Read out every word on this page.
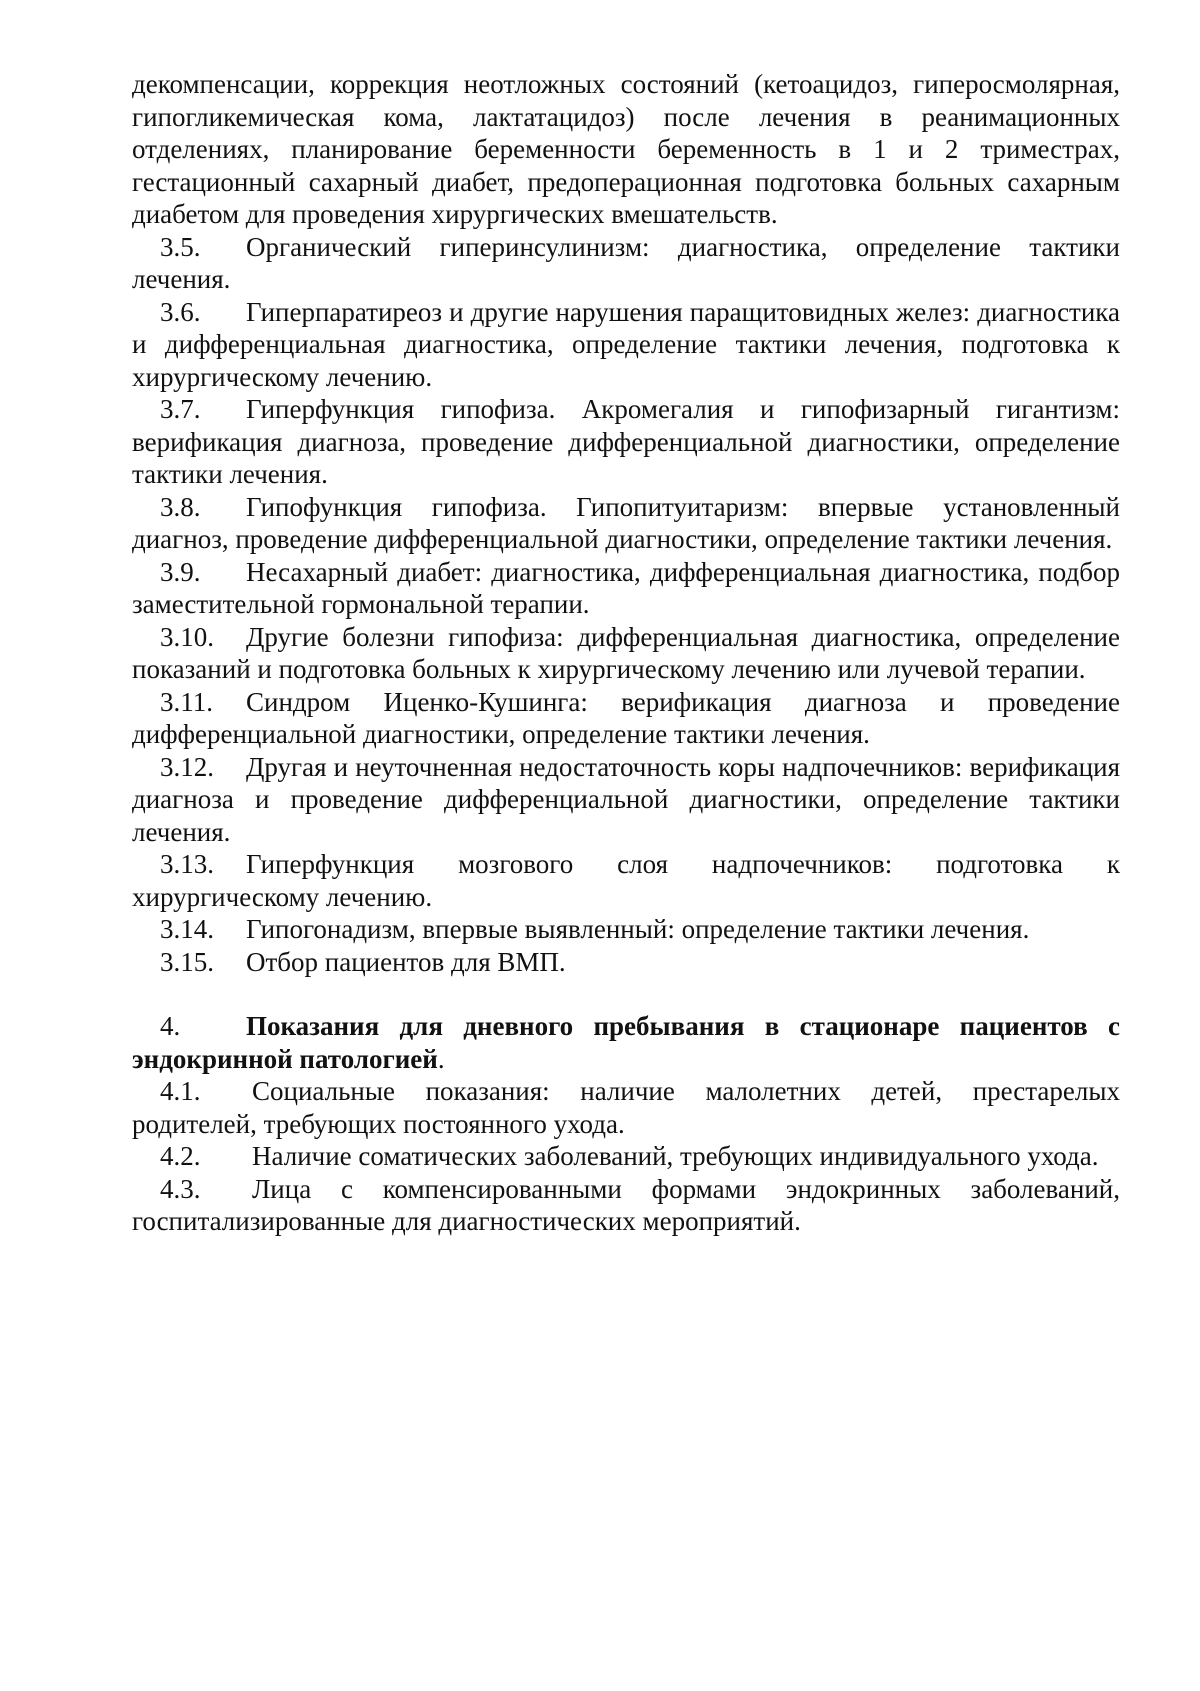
декомпенсации, коррекция неотложных состояний (кетоацидоз, гиперосмолярная, гипогликемическая кома, лактатацидоз) после лечения в реанимационных отделениях, планирование беременности беременность в 1 и 2 триместрах, гестационный сахарный диабет, предоперационная подготовка больных сахарным диабетом для проведения хирургических вмешательств.

3.5. Органический гиперинсулинизм: диагностика, определение тактики лечения.

3.6. Гиперпаратиреоз и другие нарушения паращитовидных желез: диагностика и дифференциальная диагностика, определение тактики лечения, подготовка к хирургическому лечению.

3.7. Гиперфункция гипофиза. Акромегалия и гипофизарный гигантизм: верификация диагноза, проведение дифференциальной диагностики, определение тактики лечения.

3.8. Гипофункция гипофиза. Гипопитуитаризм: впервые установленный диагноз, проведение дифференциальной диагностики, определение тактики лечения.

3.9. Несахарный диабет: диагностика, дифференциальная диагностика, подбор заместительной гормональной терапии.

3.10. Другие болезни гипофиза: дифференциальная диагностика, определение показаний и подготовка больных к хирургическому лечению или лучевой терапии.

3.11. Синдром Иценко-Кушинга: верификация диагноза и проведение дифференциальной диагностики, определение тактики лечения.

3.12. Другая и неуточненная недостаточность коры надпочечников: верификация диагноза и проведение дифференциальной диагностики, определение тактики лечения.

3.13. Гиперфункция мозгового слоя надпочечников: подготовка к хирургическому лечению.

3.14. Гипогонадизм, впервые выявленный: определение тактики лечения.

3.15. Отбор пациентов для ВМП.

4. Показания для дневного пребывания в стационаре пациентов с эндокринной патологией.

4.1. Социальные показания: наличие малолетних детей, престарелых родителей, требующих постоянного ухода.

4.2. Наличие соматических заболеваний, требующих индивидуального ухода.

4.3. Лица с компенсированными формами эндокринных заболеваний, госпитализированные для диагностических мероприятий.
